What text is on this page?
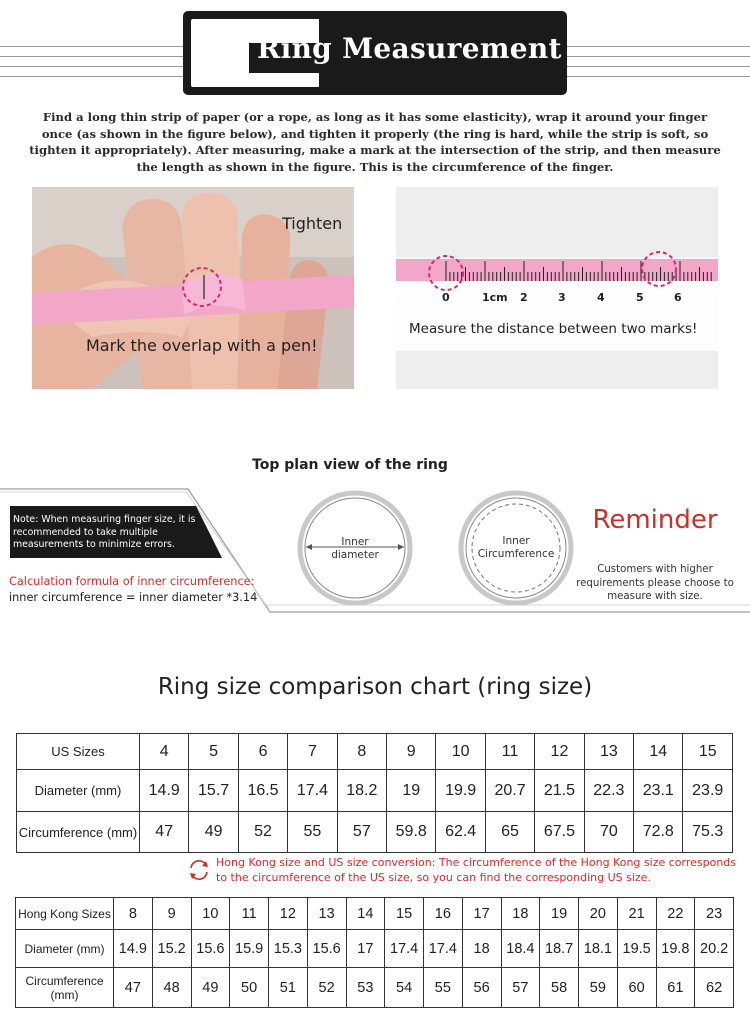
Ring Measurement
Find a long thin strip of paper (or a rope, as long as it has some elasticity), wrap it around your finger once (as shown in the figure below), and tighten it properly (the ring is hard, while the strip is soft, so tighten it appropriately). After measuring, make a mark at the intersection of the strip, and then measure the length as shown in the figure. This is the circumference of the finger.
Tighten
Mark the overlap with a pen!
0	1cm 2	3	4	5	6
Measure the distance between two marks!
Top plan view of the ring
Note: When measuring finger size, it is recommended to take multiple measurements to minimize errors.
Calculation formula of inner circumference:
inner circumference = inner diameter *3.14
Inner diameter
Inner Circumference
Reminder
Customers with higher requirements please choose to measure with size.
Ring size comparison chart (ring size)
US Sizes	4	5	6	7	8	9	10	11	12	13	14	15
Diameter (mm)	14.9	15.7	16.5	17.4	18.2	19	19.9	20.7	21.5	22.3	23.1	23.9
Circumference (mm)	47	49	52	55	57	59.8	62.4	65	67.5	70	72.8	75.3
Hong Kong size and US size conversion: The circumference of the Hong Kong size corresponds to the circumference of the US size, so you can find the corresponding US size.
Hong Kong Sizes	8	9	10	11	12	13	14	15	16	17	18	19	20	21	22	23
Diameter (mm)	14.9	15.2	15.6	15.9	15.3	15.6	17	17.4	17.4	18	18.4	18.7	18.1	19.5	19.8	20.2
Circumference (mm)	47	48	49	50	51	52	53	54	55	56	57	58	59	60	61	62
